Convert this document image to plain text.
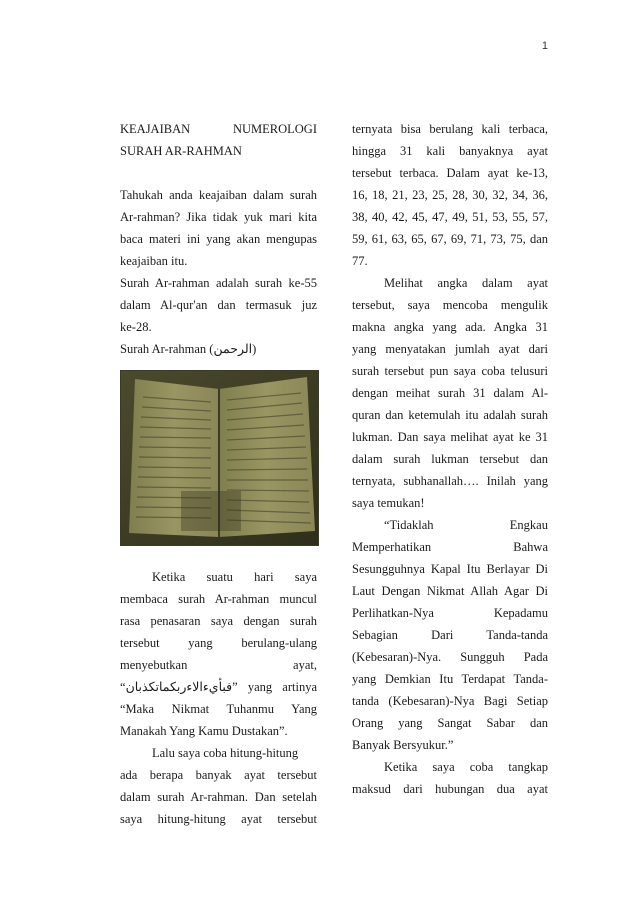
1
KEAJAIBAN	NUMEROLOGI
SURAH AR-RAHMAN
Tahukah anda keajaiban dalam surah
Ar-rahman? Jika tidak yuk mari kita
baca materi ini yang akan mengupas
keajaiban itu.
Surah Ar-rahman adalah surah ke-55
dalam Al-qur'an dan termasuk juz
ke-28.
Surah Ar-rahman (الرحمن)
Ketika suatu hari saya
membaca surah Ar-rahman muncul
rasa penasaran saya dengan surah
tersebut yang berulang-ulang
menyebutkan ayat,
“فبأيءالاءربكماتكذبان” yang artinya
“Maka Nikmat Tuhanmu Yang
Manakah Yang Kamu Dustakan”.
Lalu saya coba hitung-hitung
ada berapa banyak ayat tersebut
dalam surah Ar-rahman. Dan setelah
saya hitung-hitung ayat tersebut
ternyata bisa berulang kali terbaca,
hingga 31 kali banyaknya ayat
tersebut terbaca. Dalam ayat ke-13,
16, 18, 21, 23, 25, 28, 30, 32, 34, 36,
38, 40, 42, 45, 47, 49, 51, 53, 55, 57,
59, 61, 63, 65, 67, 69, 71, 73, 75, dan
77.
Melihat angka dalam ayat
tersebut, saya mencoba mengulik
makna angka yang ada. Angka 31
yang menyatakan jumlah ayat dari
surah tersebut pun saya coba telusuri
dengan meihat surah 31 dalam Al-
quran dan ketemulah itu adalah surah
lukman. Dan saya melihat ayat ke 31
dalam surah lukman tersebut dan
ternyata, subhanallah…. Inilah yang
saya temukan!
“Tidaklah Engkau
Memperhatikan Bahwa
Sesungguhnya Kapal Itu Berlayar Di
Laut Dengan Nikmat Allah Agar Di
Perlihatkan-Nya Kepadamu
Sebagian Dari Tanda-tanda
(Kebesaran)-Nya. Sungguh Pada
yang Demkian Itu Terdapat Tanda-
tanda (Kebesaran)-Nya Bagi Setiap
Orang yang Sangat Sabar dan
Banyak Bersyukur.”
Ketika saya coba tangkap
maksud dari hubungan dua ayat
